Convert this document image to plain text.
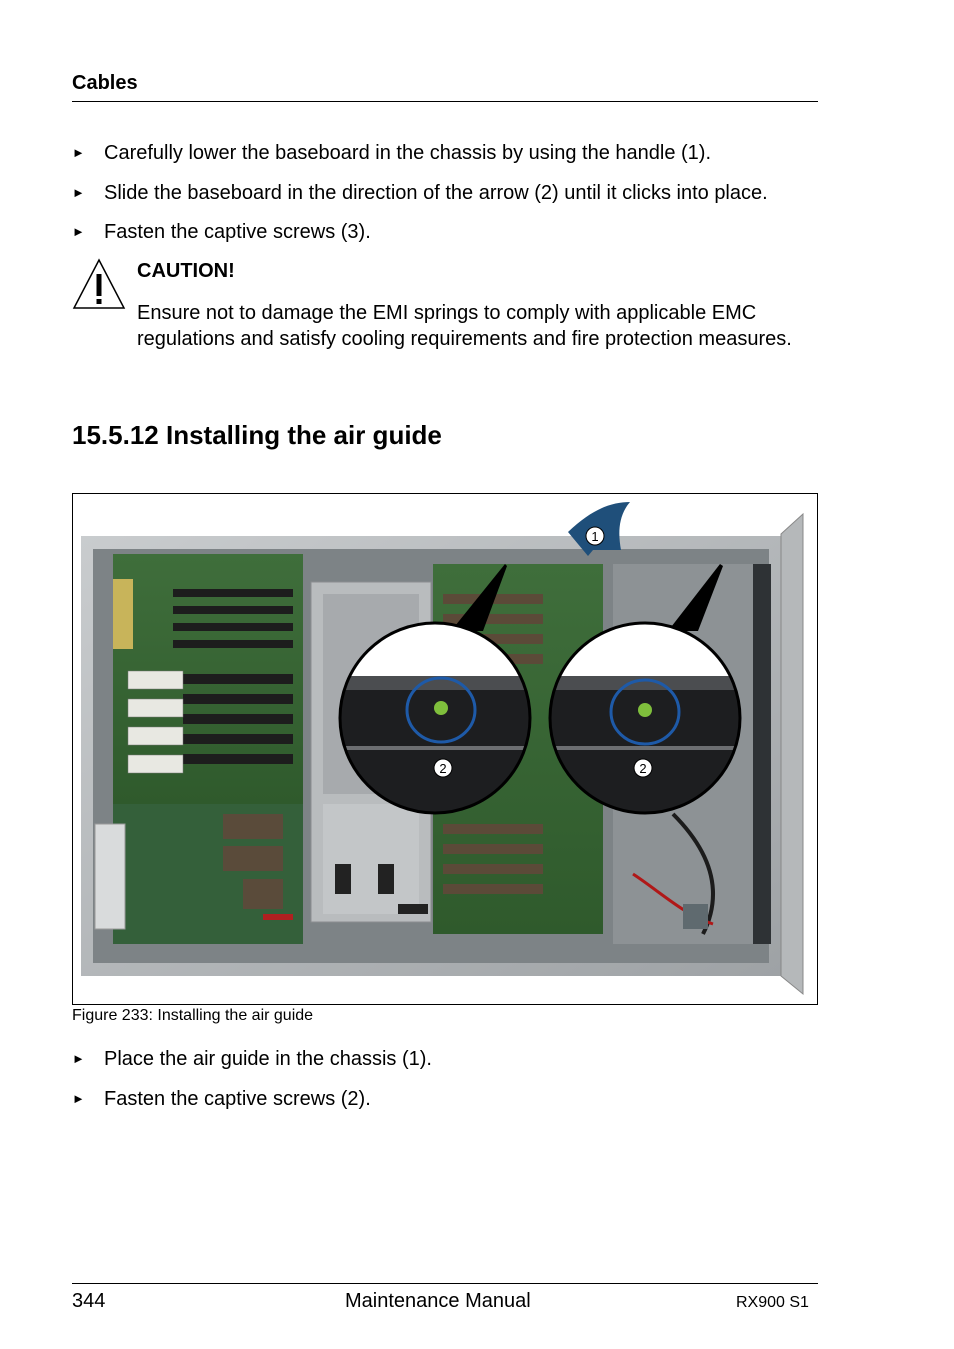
Cables
► Carefully lower the baseboard in the chassis by using the handle (1).
► Slide the baseboard in the direction of the arrow (2) until it clicks into place.
► Fasten the captive screws (3).
CAUTION!
Ensure not to damage the EMI springs to comply with applicable EMC regulations and satisfy cooling requirements and fire protection measures.
15.5.12 Installing the air guide
1
2	2
Figure 233: Installing the air guide
► Place the air guide in the chassis (1).
► Fasten the captive screws (2).
344	Maintenance Manual	RX900 S1
